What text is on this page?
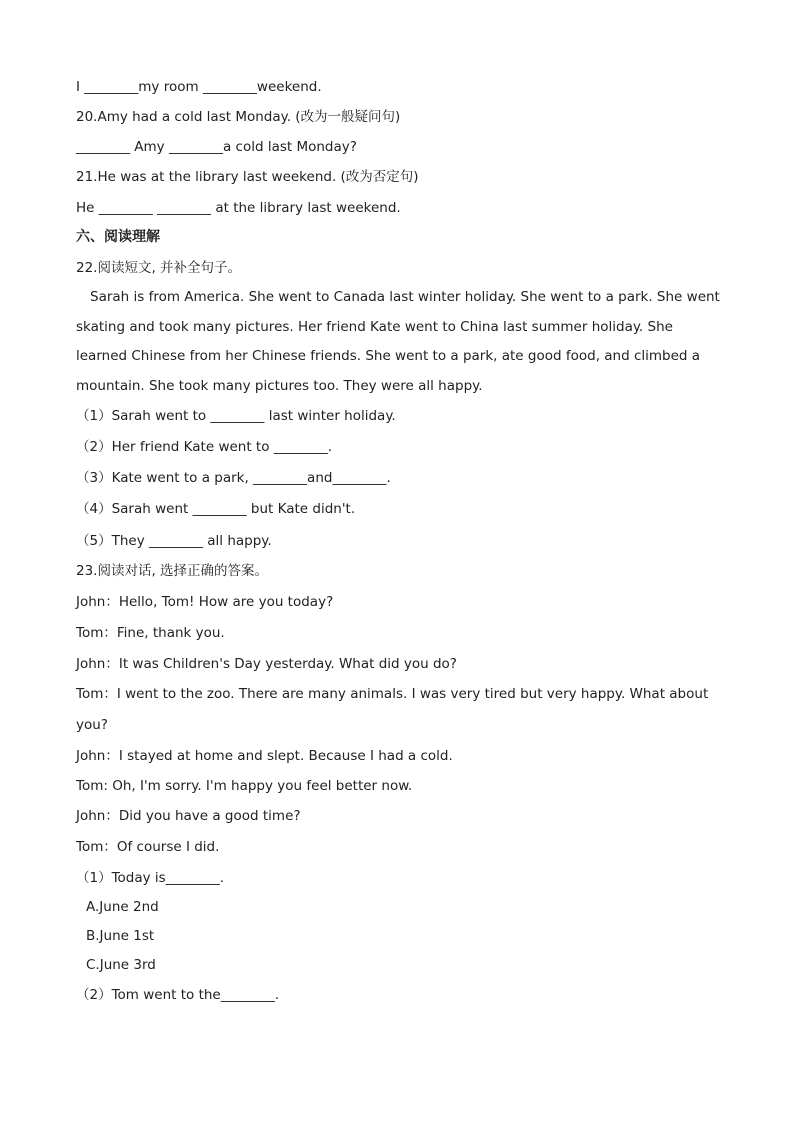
I ________my room ________weekend.
20.Amy had a cold last Monday. (改为一般疑问句)
________ Amy ________a cold last Monday?
21.He was at the library last weekend. (改为否定句)
He ________ ________ at the library last weekend.
六、阅读理解
22.阅读短文, 并补全句子。
Sarah is from America. She went to Canada last winter holiday. She went to a park. She went skating and took many pictures. Her friend Kate went to China last summer holiday. She learned Chinese from her Chinese friends. She went to a park, ate good food, and climbed a mountain. She took many pictures too. They were all happy.
（1）Sarah went to ________ last winter holiday.
（2）Her friend Kate went to ________.
（3）Kate went to a park, ________and________.
（4）Sarah went ________ but Kate didn't.
（5）They ________ all happy.
23.阅读对话, 选择正确的答案。
John：Hello, Tom! How are you today?
Tom：Fine, thank you.
John：It was Children's Day yesterday. What did you do?
Tom：I went to the zoo. There are many animals. I was very tired but very happy. What about you?
John：I stayed at home and slept. Because I had a cold.
Tom: Oh, I'm sorry. I'm happy you feel better now.
John：Did you have a good time?
Tom：Of course I did.
（1）Today is________.
A.June 2nd
B.June 1st
C.June 3rd
（2）Tom went to the________.
